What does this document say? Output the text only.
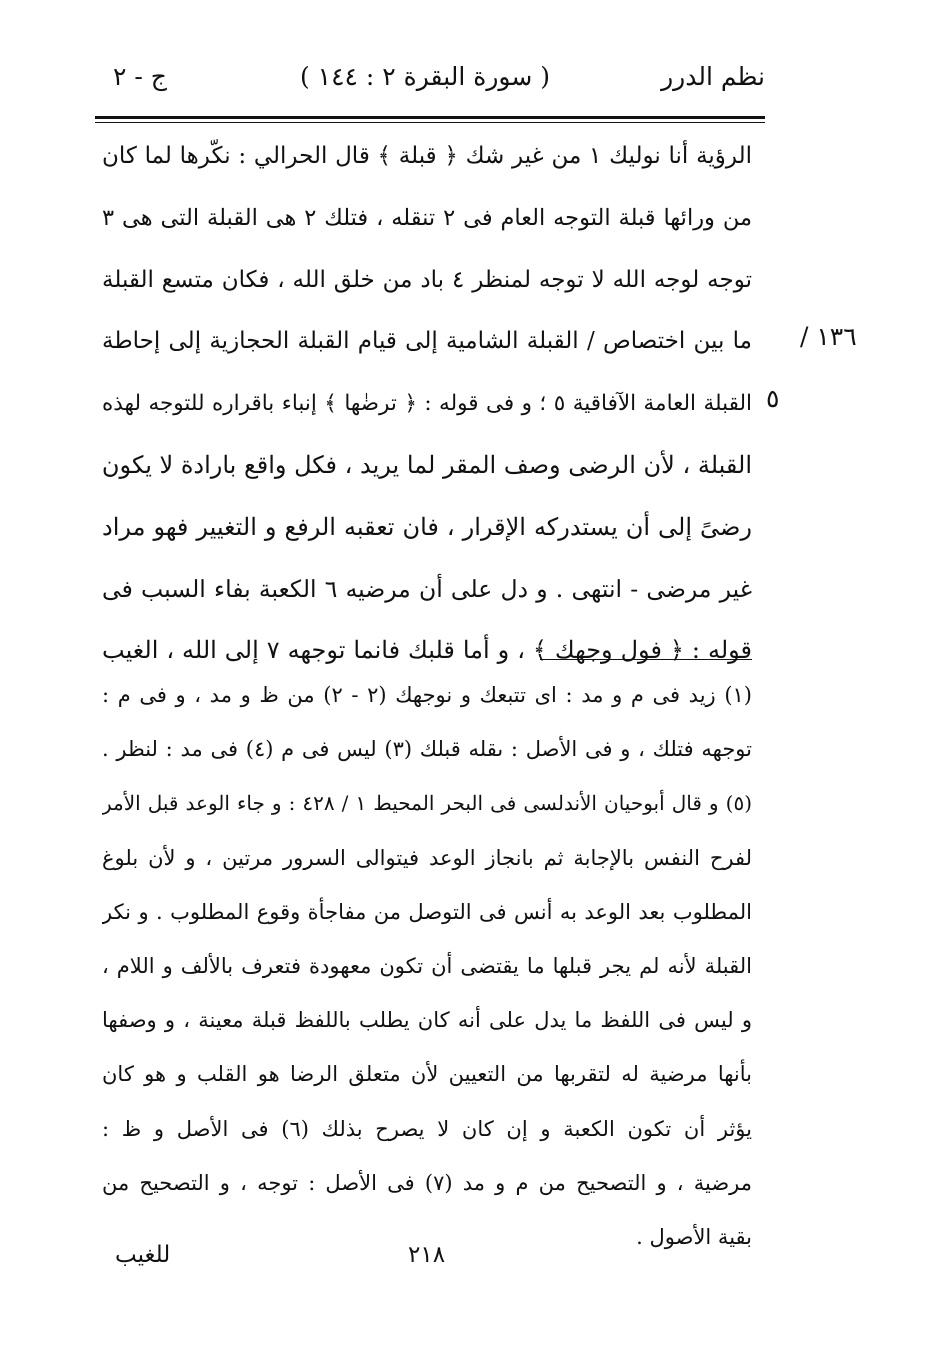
نظم الدرر
( سورة البقرة ٢ : ١٤٤ )
ج - ٢
١٣٦ /
٥
الرؤية أنا نوليك ١ من غير شك ﴿ قبلة ﴾ قال الحرالي : نكّرها لما كان
من ورائها قبلة التوجه العام فى ٢ تنقله ، فتلك ٢ هى القبلة التى هى ٣
توجه لوجه الله لا توجه لمنظر ٤ باد من خلق الله ، فكان متسع القبلة
ما بين اختصاص / القبلة الشامية إلى قيام القبلة الحجازية إلى إحاطة
القبلة العامة الآفاقية ٥ ؛ و فى قوله : ﴿ ترضٰها ﴾ إنباء باقراره للتوجه لهذه
القبلة ، لأن الرضى وصف المقر لما يريد ، فكل واقع بارادة لا يكون
رضىً إلى أن يستدركه الإقرار ، فان تعقبه الرفع و التغيير فهو مراد
غير مرضى - انتهى . و دل على أن مرضيه ٦ الكعبة بفاء السبب فى
قوله : ﴿ فول وجهك ﴾ ، و أما قلبك فانما توجهه ٧ إلى الله ، الغيب
(١) زيد فى م و مد : اى تتبعك و نوجهك (٢ - ٢) من ظ و مد ، و فى م :
توجهه فتلك ، و فى الأصل : ىقله قبلك (٣) ليس فى م (٤) فى مد : لنظر .
(٥) و قال أبوحيان الأندلسى فى البحر المحيط ١ / ٤٢٨ : و جاء الوعد قبل الأمر
لفرح النفس بالإجابة ثم بانجاز الوعد فيتوالى السرور مرتين ، و لأن بلوغ
المطلوب بعد الوعد به أنس فى التوصل من مفاجأة وقوع المطلوب . و نكر
القبلة لأنه لم يجر قبلها ما يقتضى أن تكون معهودة فتعرف بالألف و اللام ،
و ليس فى اللفظ ما يدل على أنه كان يطلب باللفظ قبلة معينة ، و وصفها
بأنها مرضية له لتقربها من التعيين لأن متعلق الرضا هو القلب و هو كان
يؤثر أن تكون الكعبة و إن كان لا يصرح بذلك (٦) فى الأصل و ظ :
مرضية ، و التصحيح من م و مد (٧) فى الأصل : توجه ، و التصحيح من
بقية الأصول .
للغيب	٢١٨
